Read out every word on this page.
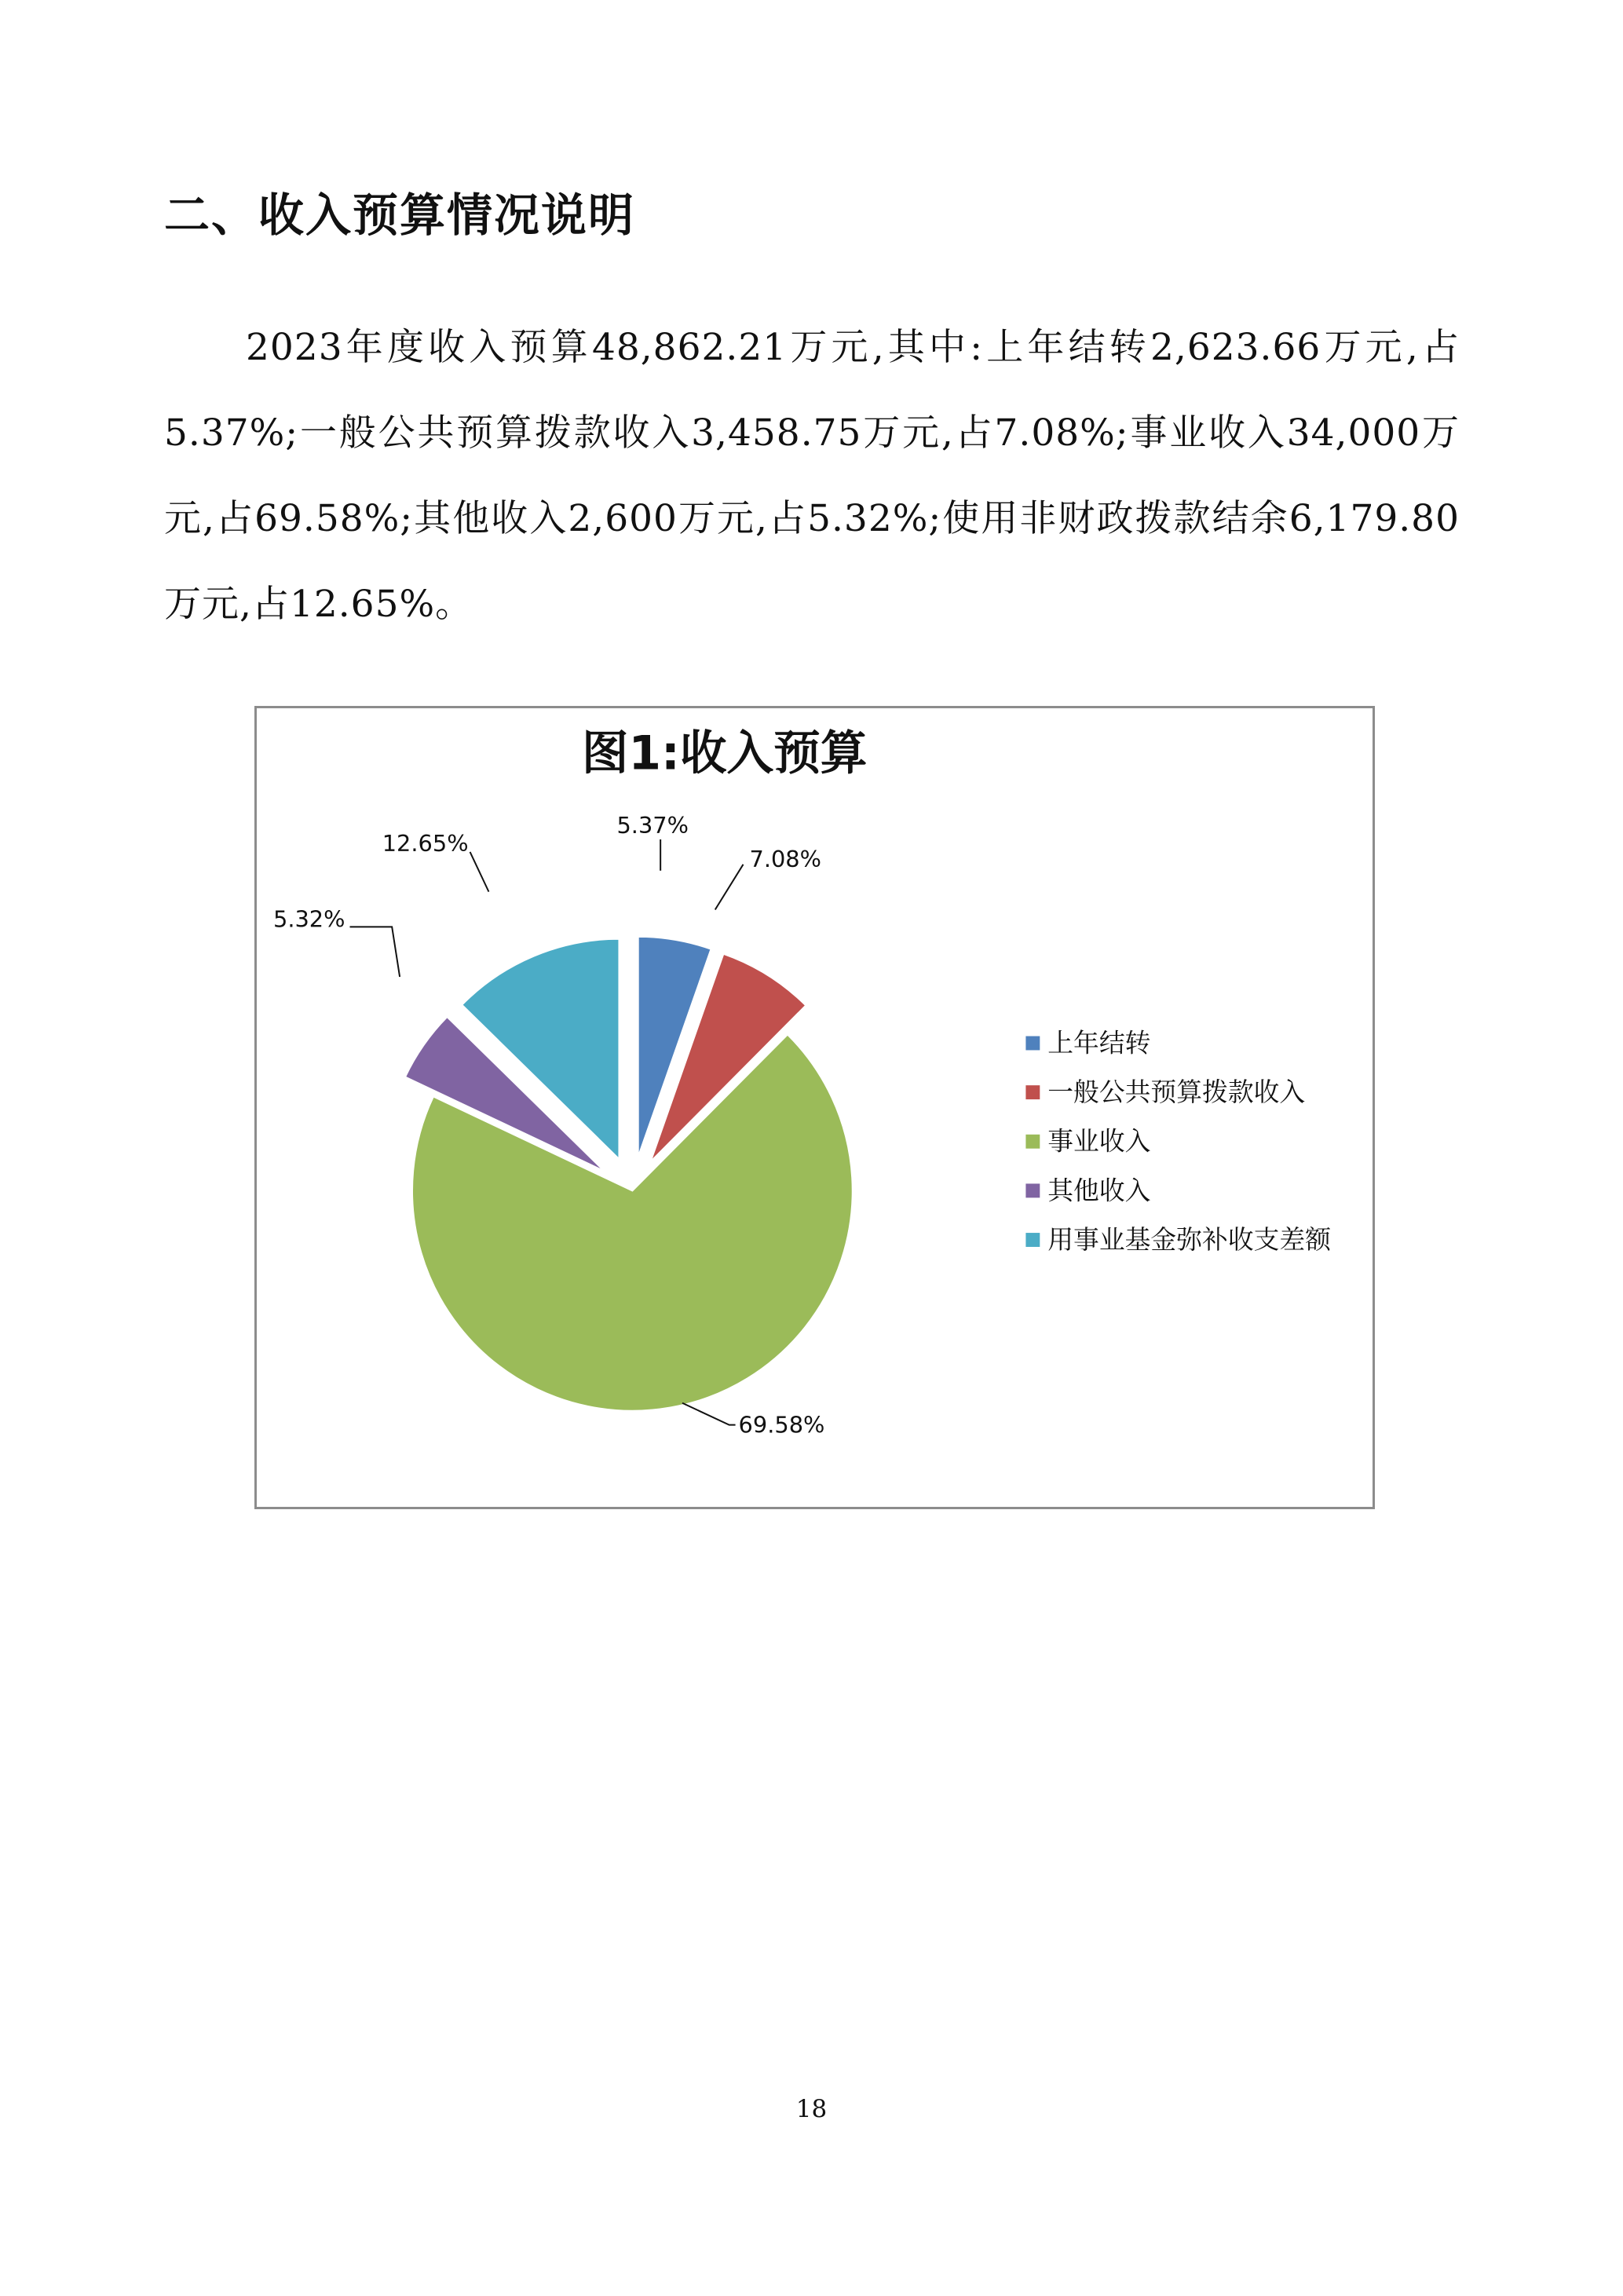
二、收入预算情况说明

2023年度收入预算48,862.21万元,其中:上年结转2,623.66万元,占5.37%;一般公共预算拨款收入3,458.75万元,占7.08%;事业收入34,000万元,占69.58%;其他收入2,600万元,占5.32%;使用非财政拨款结余6,179.80万元,占12.65%。

图1:收入预算
5.37%
7.08%
69.58%
5.32%
12.65%
上年结转
一般公共预算拨款收入
事业收入
其他收入
用事业基金弥补收支差额
18
